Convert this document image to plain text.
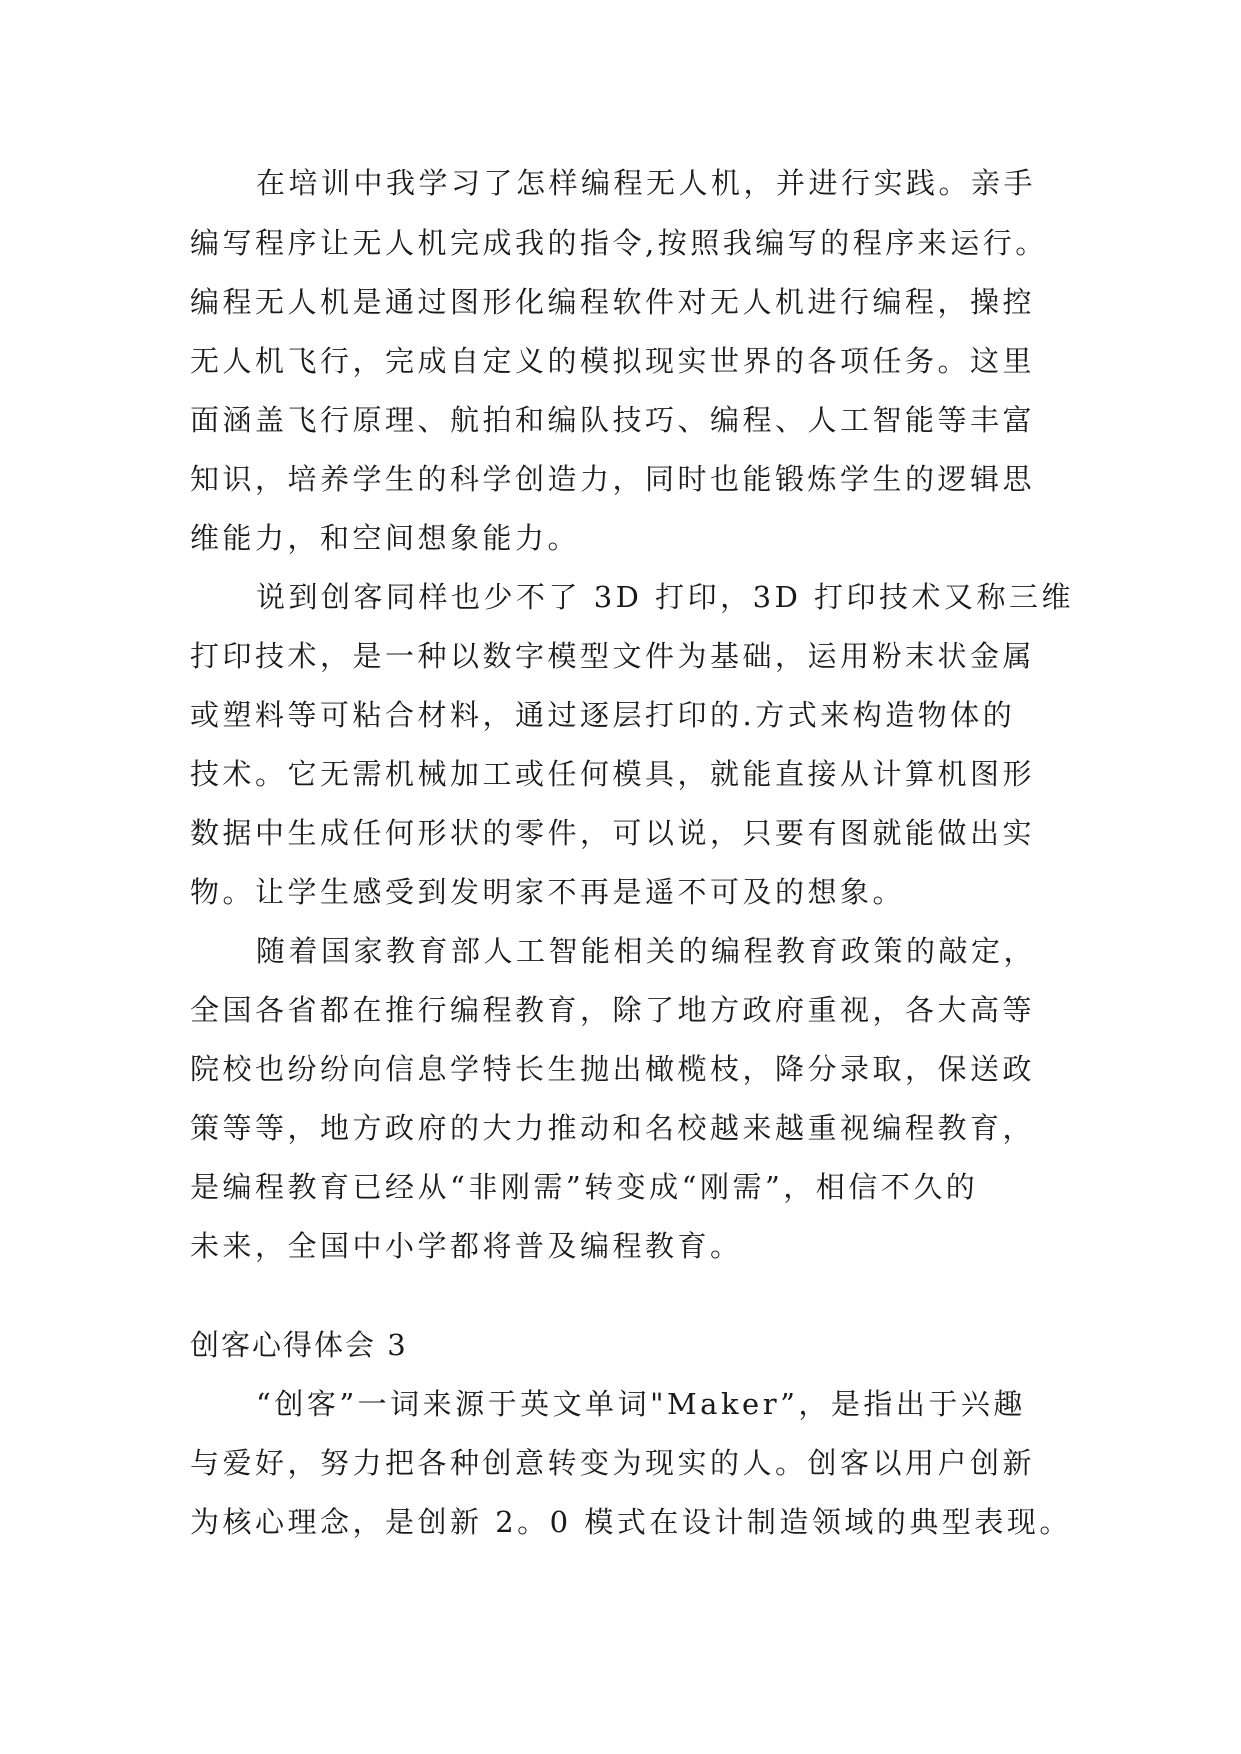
在培训中我学习了怎样编程无人机，并进行实践。亲手
编写程序让无人机完成我的指令,按照我编写的程序来运行。
编程无人机是通过图形化编程软件对无人机进行编程，操控
无人机飞行，完成自定义的模拟现实世界的各项任务。这里
面涵盖飞行原理、航拍和编队技巧、编程、人工智能等丰富
知识，培养学生的科学创造力，同时也能锻炼学生的逻辑思
维能力，和空间想象能力。
说到创客同样也少不了 3D 打印，3D 打印技术又称三维
打印技术，是一种以数字模型文件为基础，运用粉末状金属
或塑料等可粘合材料，通过逐层打印的.方式来构造物体的
技术。它无需机械加工或任何模具，就能直接从计算机图形
数据中生成任何形状的零件，可以说，只要有图就能做出实
物。让学生感受到发明家不再是遥不可及的想象。
随着国家教育部人工智能相关的编程教育政策的敲定，
全国各省都在推行编程教育，除了地方政府重视，各大高等
院校也纷纷向信息学特长生抛出橄榄枝，降分录取，保送政
策等等，地方政府的大力推动和名校越来越重视编程教育，
是编程教育已经从“非刚需”转变成“刚需”，相信不久的
未来，全国中小学都将普及编程教育。
创客心得体会 3
“创客”一词来源于英文单词"Maker”，是指出于兴趣
与爱好，努力把各种创意转变为现实的人。创客以用户创新
为核心理念，是创新 2。0 模式在设计制造领域的典型表现。
